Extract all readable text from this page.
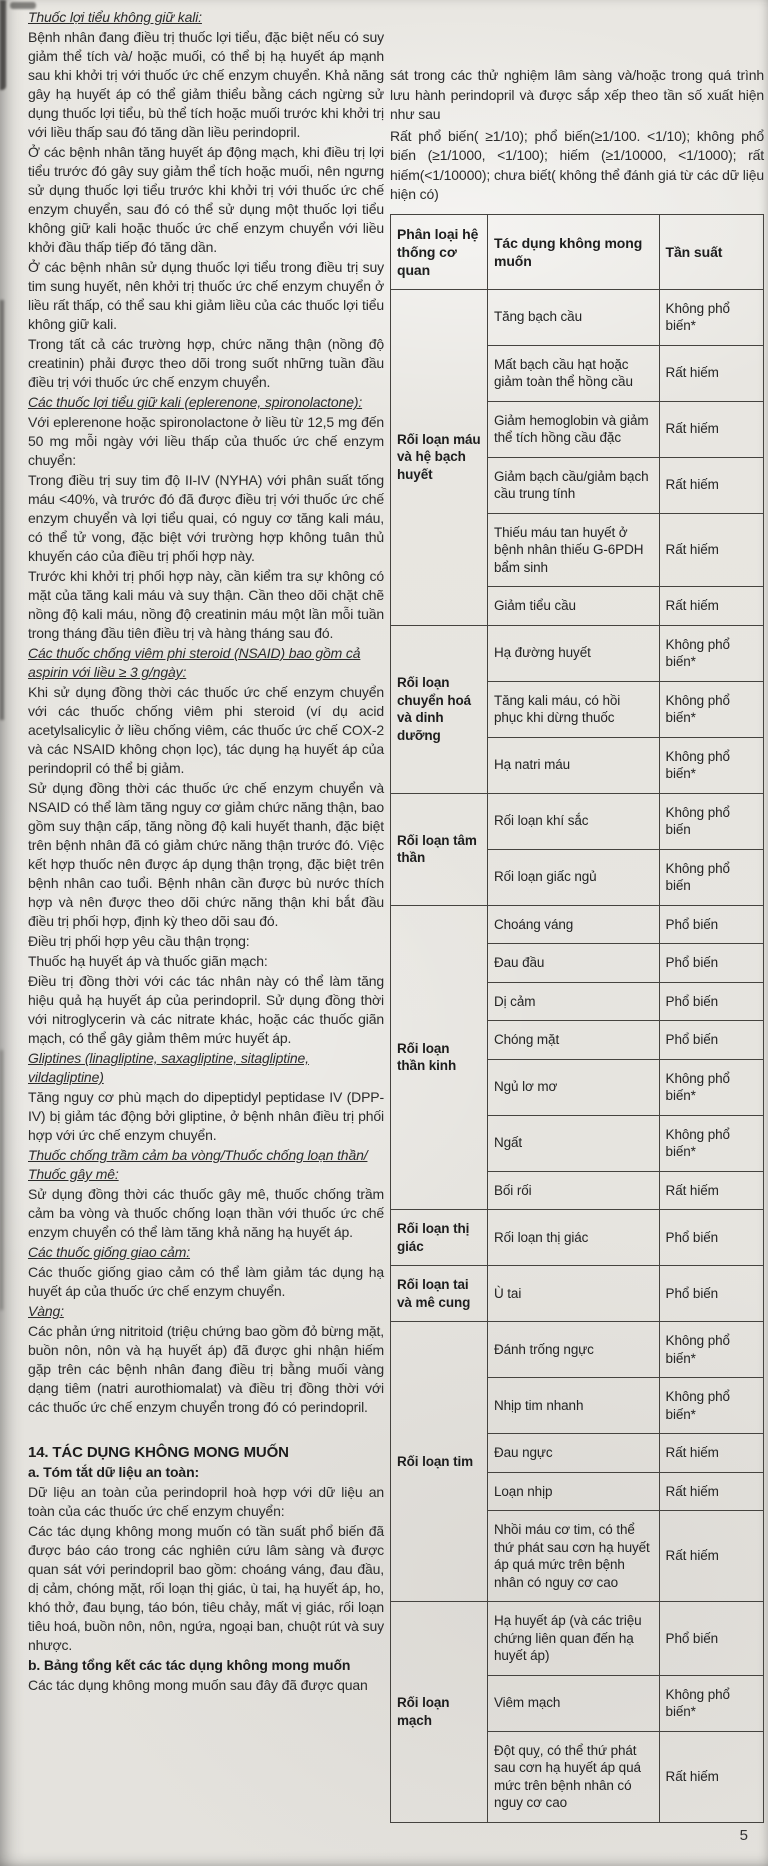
Thuốc lợi tiểu không giữ kali:
Bệnh nhân đang điều trị thuốc lợi tiểu, đặc biệt nếu có suy giảm thể tích và/ hoặc muối, có thể bị hạ huyết áp mạnh sau khi khởi trị với thuốc ức chế enzym chuyển. Khả năng gây hạ huyết áp có thể giảm thiểu bằng cách ngừng sử dụng thuốc lợi tiểu, bù thể tích hoặc muối trước khi khởi trị với liều thấp sau đó tăng dần liều perindopril.
Ở các bệnh nhân tăng huyết áp động mạch, khi điều trị lợi tiểu trước đó gây suy giảm thể tích hoặc muối, nên ngưng sử dụng thuốc lợi tiểu trước khi khởi trị với thuốc ức chế enzym chuyển, sau đó có thể sử dụng một thuốc lợi tiểu không giữ kali hoặc thuốc ức chế enzym chuyển với liều khởi đầu thấp tiếp đó tăng dần.
Ở các bệnh nhân sử dụng thuốc lợi tiểu trong điều trị suy tim sung huyết, nên khởi trị thuốc ức chế enzym chuyển ở liều rất thấp, có thể sau khi giảm liều của các thuốc lợi tiểu không giữ kali.
Trong tất cả các trường hợp, chức năng thận (nồng độ creatinin) phải được theo dõi trong suốt những tuần đầu điều trị với thuốc ức chế enzym chuyển.
Các thuốc lợi tiểu giữ kali (eplerenone, spironolactone):
Với eplerenone hoặc spironolactone ở liều từ 12,5 mg đến 50 mg mỗi ngày với liều thấp của thuốc ức chế enzym chuyển:
Trong điều trị suy tim độ II-IV (NYHA) với phân suất tống máu <40%, và trước đó đã được điều trị với thuốc ức chế enzym chuyển và lợi tiểu quai, có nguy cơ tăng kali máu, có thể tử vong, đặc biệt với trường hợp không tuân thủ khuyến cáo của điều trị phối hợp này.
Trước khi khởi trị phối hợp này, cần kiểm tra sự không có mặt của tăng kali máu và suy thận. Cần theo dõi chặt chẽ nồng độ kali máu, nồng độ creatinin máu một lần mỗi tuần trong tháng đầu tiên điều trị và hàng tháng sau đó.
Các thuốc chống viêm phi steroid (NSAID) bao gồm cả aspirin với liều ≥ 3 g/ngày:
Khi sử dụng đồng thời các thuốc ức chế enzym chuyển với các thuốc chống viêm phi steroid (ví dụ acid acetylsalicylic ở liều chống viêm, các thuốc ức chế COX-2 và các NSAID không chọn lọc), tác dụng hạ huyết áp của perindopril có thể bị giảm.
Sử dụng đồng thời các thuốc ức chế enzym chuyển và NSAID có thể làm tăng nguy cơ giảm chức năng thận, bao gồm suy thận cấp, tăng nồng độ kali huyết thanh, đặc biệt trên bệnh nhân đã có giảm chức năng thận trước đó. Việc kết hợp thuốc nên được áp dụng thận trọng, đặc biệt trên bệnh nhân cao tuổi. Bệnh nhân cần được bù nước thích hợp và nên được theo dõi chức năng thận khi bắt đầu điều trị phối hợp, định kỳ theo dõi sau đó.
Điều trị phối hợp yêu cầu thận trọng:
Thuốc hạ huyết áp và thuốc giãn mạch:
Điều trị đồng thời với các tác nhân này có thể làm tăng hiệu quả hạ huyết áp của perindopril. Sử dụng đồng thời với nitroglycerin và các nitrate khác, hoặc các thuốc giãn mạch, có thể gây giảm thêm mức huyết áp.
Gliptines (linagliptine, saxagliptine, sitagliptine, vildagliptine)
Tăng nguy cơ phù mạch do dipeptidyl peptidase IV (DPP-IV) bị giảm tác động bởi gliptine, ở bệnh nhân điều trị phối hợp với ức chế enzym chuyển.
Thuốc chống trầm cảm ba vòng/Thuốc chống loạn thần/ Thuốc gây mê:
Sử dụng đồng thời các thuốc gây mê, thuốc chống trầm cảm ba vòng và thuốc chống loạn thần với thuốc ức chế enzym chuyển có thể làm tăng khả năng hạ huyết áp.
Các thuốc giống giao cảm:
Các thuốc giống giao cảm có thể làm giảm tác dụng hạ huyết áp của thuốc ức chế enzym chuyển.
Vàng:
Các phản ứng nitritoid (triệu chứng bao gồm đỏ bừng mặt, buồn nôn, nôn và hạ huyết áp) đã được ghi nhận hiếm gặp trên các bệnh nhân đang điều trị bằng muối vàng dạng tiêm (natri aurothiomalat) và điều trị đồng thời với các thuốc ức chế enzym chuyển trong đó có perindopril.
14. TÁC DỤNG KHÔNG MONG MUỐN
a. Tóm tắt dữ liệu an toàn:
Dữ liệu an toàn của perindopril hoà hợp với dữ liệu an toàn của các thuốc ức chế enzym chuyển:
Các tác dụng không mong muốn có tần suất phổ biến đã được báo cáo trong các nghiên cứu lâm sàng và được quan sát với perindopril bao gồm: choáng váng, đau đầu, dị cảm, chóng mặt, rối loạn thị giác, ù tai, hạ huyết áp, ho, khó thở, đau bụng, táo bón, tiêu chảy, mất vị giác, rối loạn tiêu hoá, buồn nôn, nôn, ngứa, ngoại ban, chuột rút và suy nhược.
b. Bảng tổng kết các tác dụng không mong muốn
Các tác dụng không mong muốn sau đây đã được quan

sát trong các thử nghiệm lâm sàng và/hoặc trong quá trình lưu hành perindopril và được sắp xếp theo tần số xuất hiện như sau

Rất phổ biến( ≥1/10); phổ biến(≥1/100. <1/10); không phổ biến (≥1/1000, <1/100); hiếm (≥1/10000, <1/1000); rất hiếm(<1/10000); chưa biết( không thể đánh giá từ các dữ liệu hiện có)

Phân loại hệ thống cơ quan	Tác dụng không mong muốn	Tần suất
Rối loạn máu và hệ bạch huyết	Tăng bạch cầu	Không phổ biến*
	Mất bạch cầu hạt hoặc giảm toàn thể hồng cầu	Rất hiếm
	Giảm hemoglobin và giảm thể tích hồng cầu đặc	Rất hiếm
	Giảm bạch cầu/giảm bạch cầu trung tính	Rất hiếm
	Thiếu máu tan huyết ở bệnh nhân thiếu G-6PDH bẩm sinh	Rất hiếm
	Giảm tiểu cầu	Rất hiếm
Rối loạn chuyển hoá và dinh dưỡng	Hạ đường huyết	Không phổ biến*
	Tăng kali máu, có hồi phục khi dừng thuốc	Không phổ biến*
	Hạ natri máu	Không phổ biến*
Rối loạn tâm thần	Rối loạn khí sắc	Không phổ biến
	Rối loạn giấc ngủ	Không phổ biến
Rối loạn thần kinh	Choáng váng	Phổ biến
	Đau đầu	Phổ biến
	Dị cảm	Phổ biến
	Chóng mặt	Phổ biến
	Ngủ lơ mơ	Không phổ biến*
	Ngất	Không phổ biến*
	Bối rối	Rất hiếm
Rối loạn thị giác	Rối loạn thị giác	Phổ biến
Rối loạn tai và mê cung	Ù tai	Phổ biến
Rối loạn tim	Đánh trống ngực	Không phổ biến*
	Nhịp tim nhanh	Không phổ biến*
	Đau ngực	Rất hiếm
	Loạn nhịp	Rất hiếm
	Nhồi máu cơ tim, có thể thứ phát sau cơn hạ huyết áp quá mức trên bệnh nhân có nguy cơ cao	Rất hiếm
Rối loạn mạch	Hạ huyết áp (và các triệu chứng liên quan đến hạ huyết áp)	Phổ biến
	Viêm mạch	Không phổ biến*
	Đột quỵ, có thể thứ phát sau cơn hạ huyết áp quá mức trên bệnh nhân có nguy cơ cao	Rất hiếm
5
